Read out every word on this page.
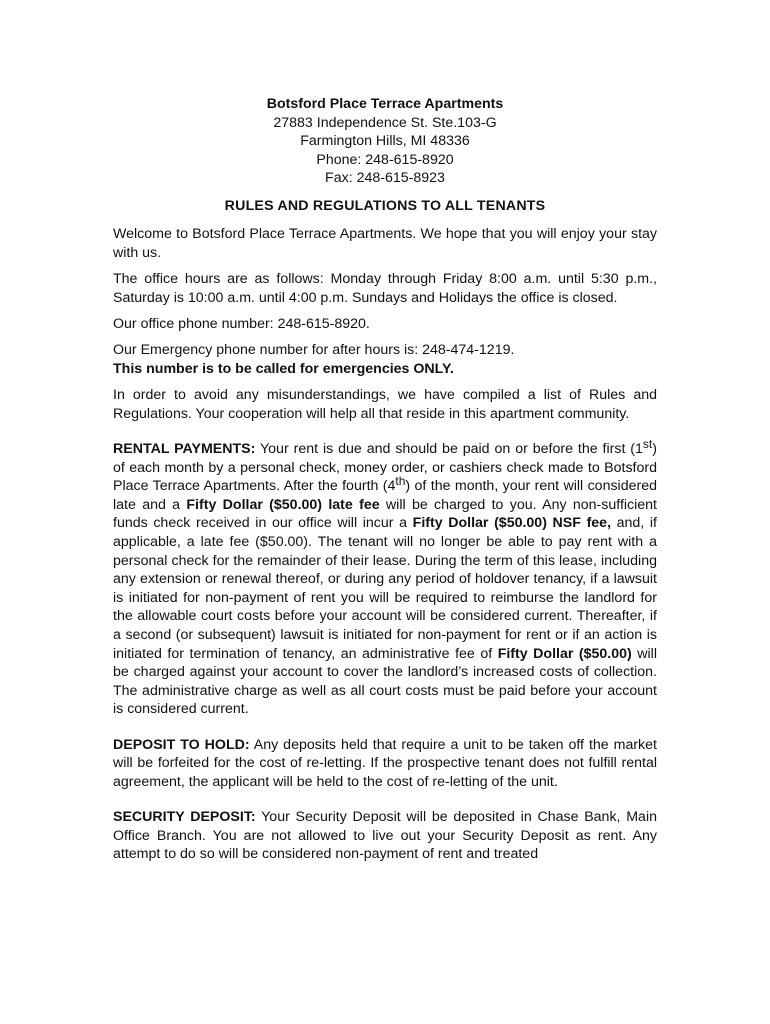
Botsford Place Terrace Apartments
27883 Independence St. Ste.103-G
Farmington Hills, MI 48336
Phone: 248-615-8920
Fax: 248-615-8923
RULES AND REGULATIONS TO ALL TENANTS

Welcome to Botsford Place Terrace Apartments. We hope that you will enjoy your stay with us.

The office hours are as follows: Monday through Friday 8:00 a.m. until 5:30 p.m., Saturday is 10:00 a.m. until 4:00 p.m. Sundays and Holidays the office is closed.

Our office phone number: 248-615-8920.

Our Emergency phone number for after hours is: 248-474-1219.
This number is to be called for emergencies ONLY.

In order to avoid any misunderstandings, we have compiled a list of Rules and Regulations. Your cooperation will help all that reside in this apartment community.

RENTAL PAYMENTS: Your rent is due and should be paid on or before the first (1st) of each month by a personal check, money order, or cashiers check made to Botsford Place Terrace Apartments. After the fourth (4th) of the month, your rent will considered late and a Fifty Dollar ($50.00) late fee will be charged to you. Any non-sufficient funds check received in our office will incur a Fifty Dollar ($50.00) NSF fee, and, if applicable, a late fee ($50.00). The tenant will no longer be able to pay rent with a personal check for the remainder of their lease. During the term of this lease, including any extension or renewal thereof, or during any period of holdover tenancy, if a lawsuit is initiated for non-payment of rent you will be required to reimburse the landlord for the allowable court costs before your account will be considered current. Thereafter, if a second (or subsequent) lawsuit is initiated for non-payment for rent or if an action is initiated for termination of tenancy, an administrative fee of Fifty Dollar ($50.00) will be charged against your account to cover the landlord’s increased costs of collection. The administrative charge as well as all court costs must be paid before your account is considered current.

DEPOSIT TO HOLD: Any deposits held that require a unit to be taken off the market will be forfeited for the cost of re-letting. If the prospective tenant does not fulfill rental agreement, the applicant will be held to the cost of re-letting of the unit.

SECURITY DEPOSIT: Your Security Deposit will be deposited in Chase Bank, Main Office Branch. You are not allowed to live out your Security Deposit as rent. Any attempt to do so will be considered non-payment of rent and treated
